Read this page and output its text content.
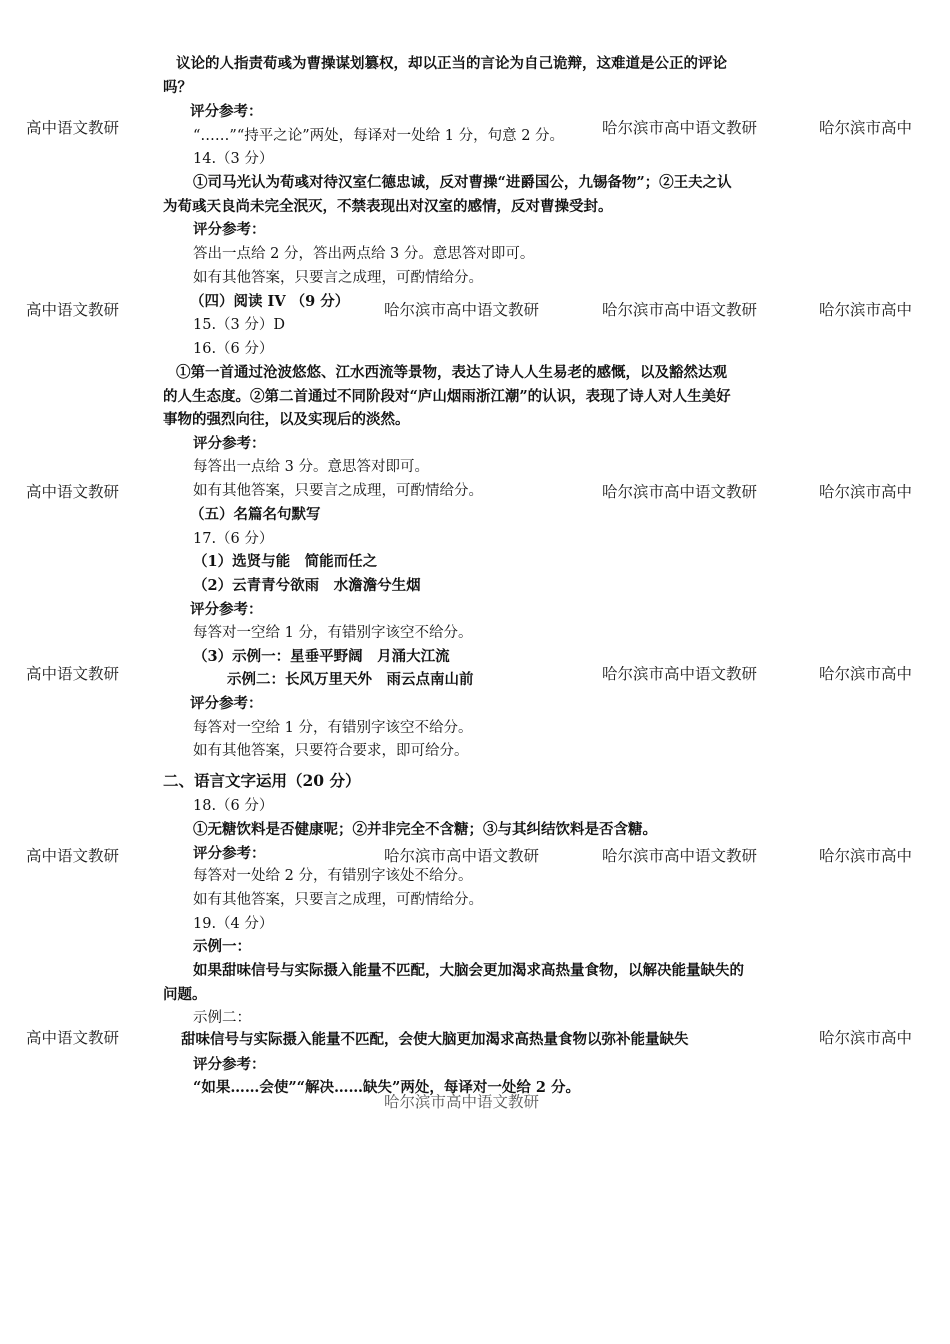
高中语文教研	哈尔滨市高中语文教研	哈尔滨市高中
高中语文教研	哈尔滨市高中语文教研	哈尔滨市高中语文教研	哈尔滨市高中
高中语文教研	哈尔滨市高中语文教研	哈尔滨市高中
高中语文教研	哈尔滨市高中语文教研	哈尔滨市高中
高中语文教研	哈尔滨市高中语文教研	哈尔滨市高中语文教研	哈尔滨市高中
高中语文教研	哈尔滨市高中
哈尔滨市高中语文教研
议论的人指责荀彧为曹操谋划篡权，却以正当的言论为自己诡辩，这难道是公正的评论
吗？
评分参考：
“……”“持平之论”两处，每译对一处给 1 分，句意 2 分。
14.（3 分）
①司马光认为荀彧对待汉室仁德忠诚，反对曹操“进爵国公，九锡备物”；②王夫之认
为荀彧天良尚未完全泯灭，不禁表现出对汉室的感情，反对曹操受封。
评分参考：
答出一点给 2 分，答出两点给 3 分。意思答对即可。
如有其他答案，只要言之成理，可酌情给分。
（四）阅读 IV （9 分）
15.（3 分）D
16.（6 分）
①第一首通过沧波悠悠、江水西流等景物，表达了诗人人生易老的感慨，以及豁然达观
的人生态度。②第二首通过不同阶段对“庐山烟雨浙江潮”的认识，表现了诗人对人生美好
事物的强烈向往，以及实现后的淡然。
评分参考：
每答出一点给 3 分。意思答对即可。
如有其他答案，只要言之成理，可酌情给分。
（五）名篇名句默写
17.（6 分）
（1）选贤与能　简能而任之
（2）云青青兮欲雨　水澹澹兮生烟
评分参考：
每答对一空给 1 分，有错别字该空不给分。
（3）示例一：星垂平野阔　月涌大江流
示例二：长风万里天外　雨云点南山前
评分参考：
每答对一空给 1 分，有错别字该空不给分。
如有其他答案，只要符合要求，即可给分。
二、语言文字运用（20 分）
18.（6 分）
①无糖饮料是否健康呢；②并非完全不含糖；③与其纠结饮料是否含糖。
评分参考：
每答对一处给 2 分，有错别字该处不给分。
如有其他答案，只要言之成理，可酌情给分。
19.（4 分）
示例一：
如果甜味信号与实际摄入能量不匹配，大脑会更加渴求高热量食物，以解决能量缺失的
问题。
示例二：
甜味信号与实际摄入能量不匹配，会使大脑更加渴求高热量食物以弥补能量缺失
评分参考：
“如果……会使”“解决……缺失”两处，每译对一处给 2 分。
